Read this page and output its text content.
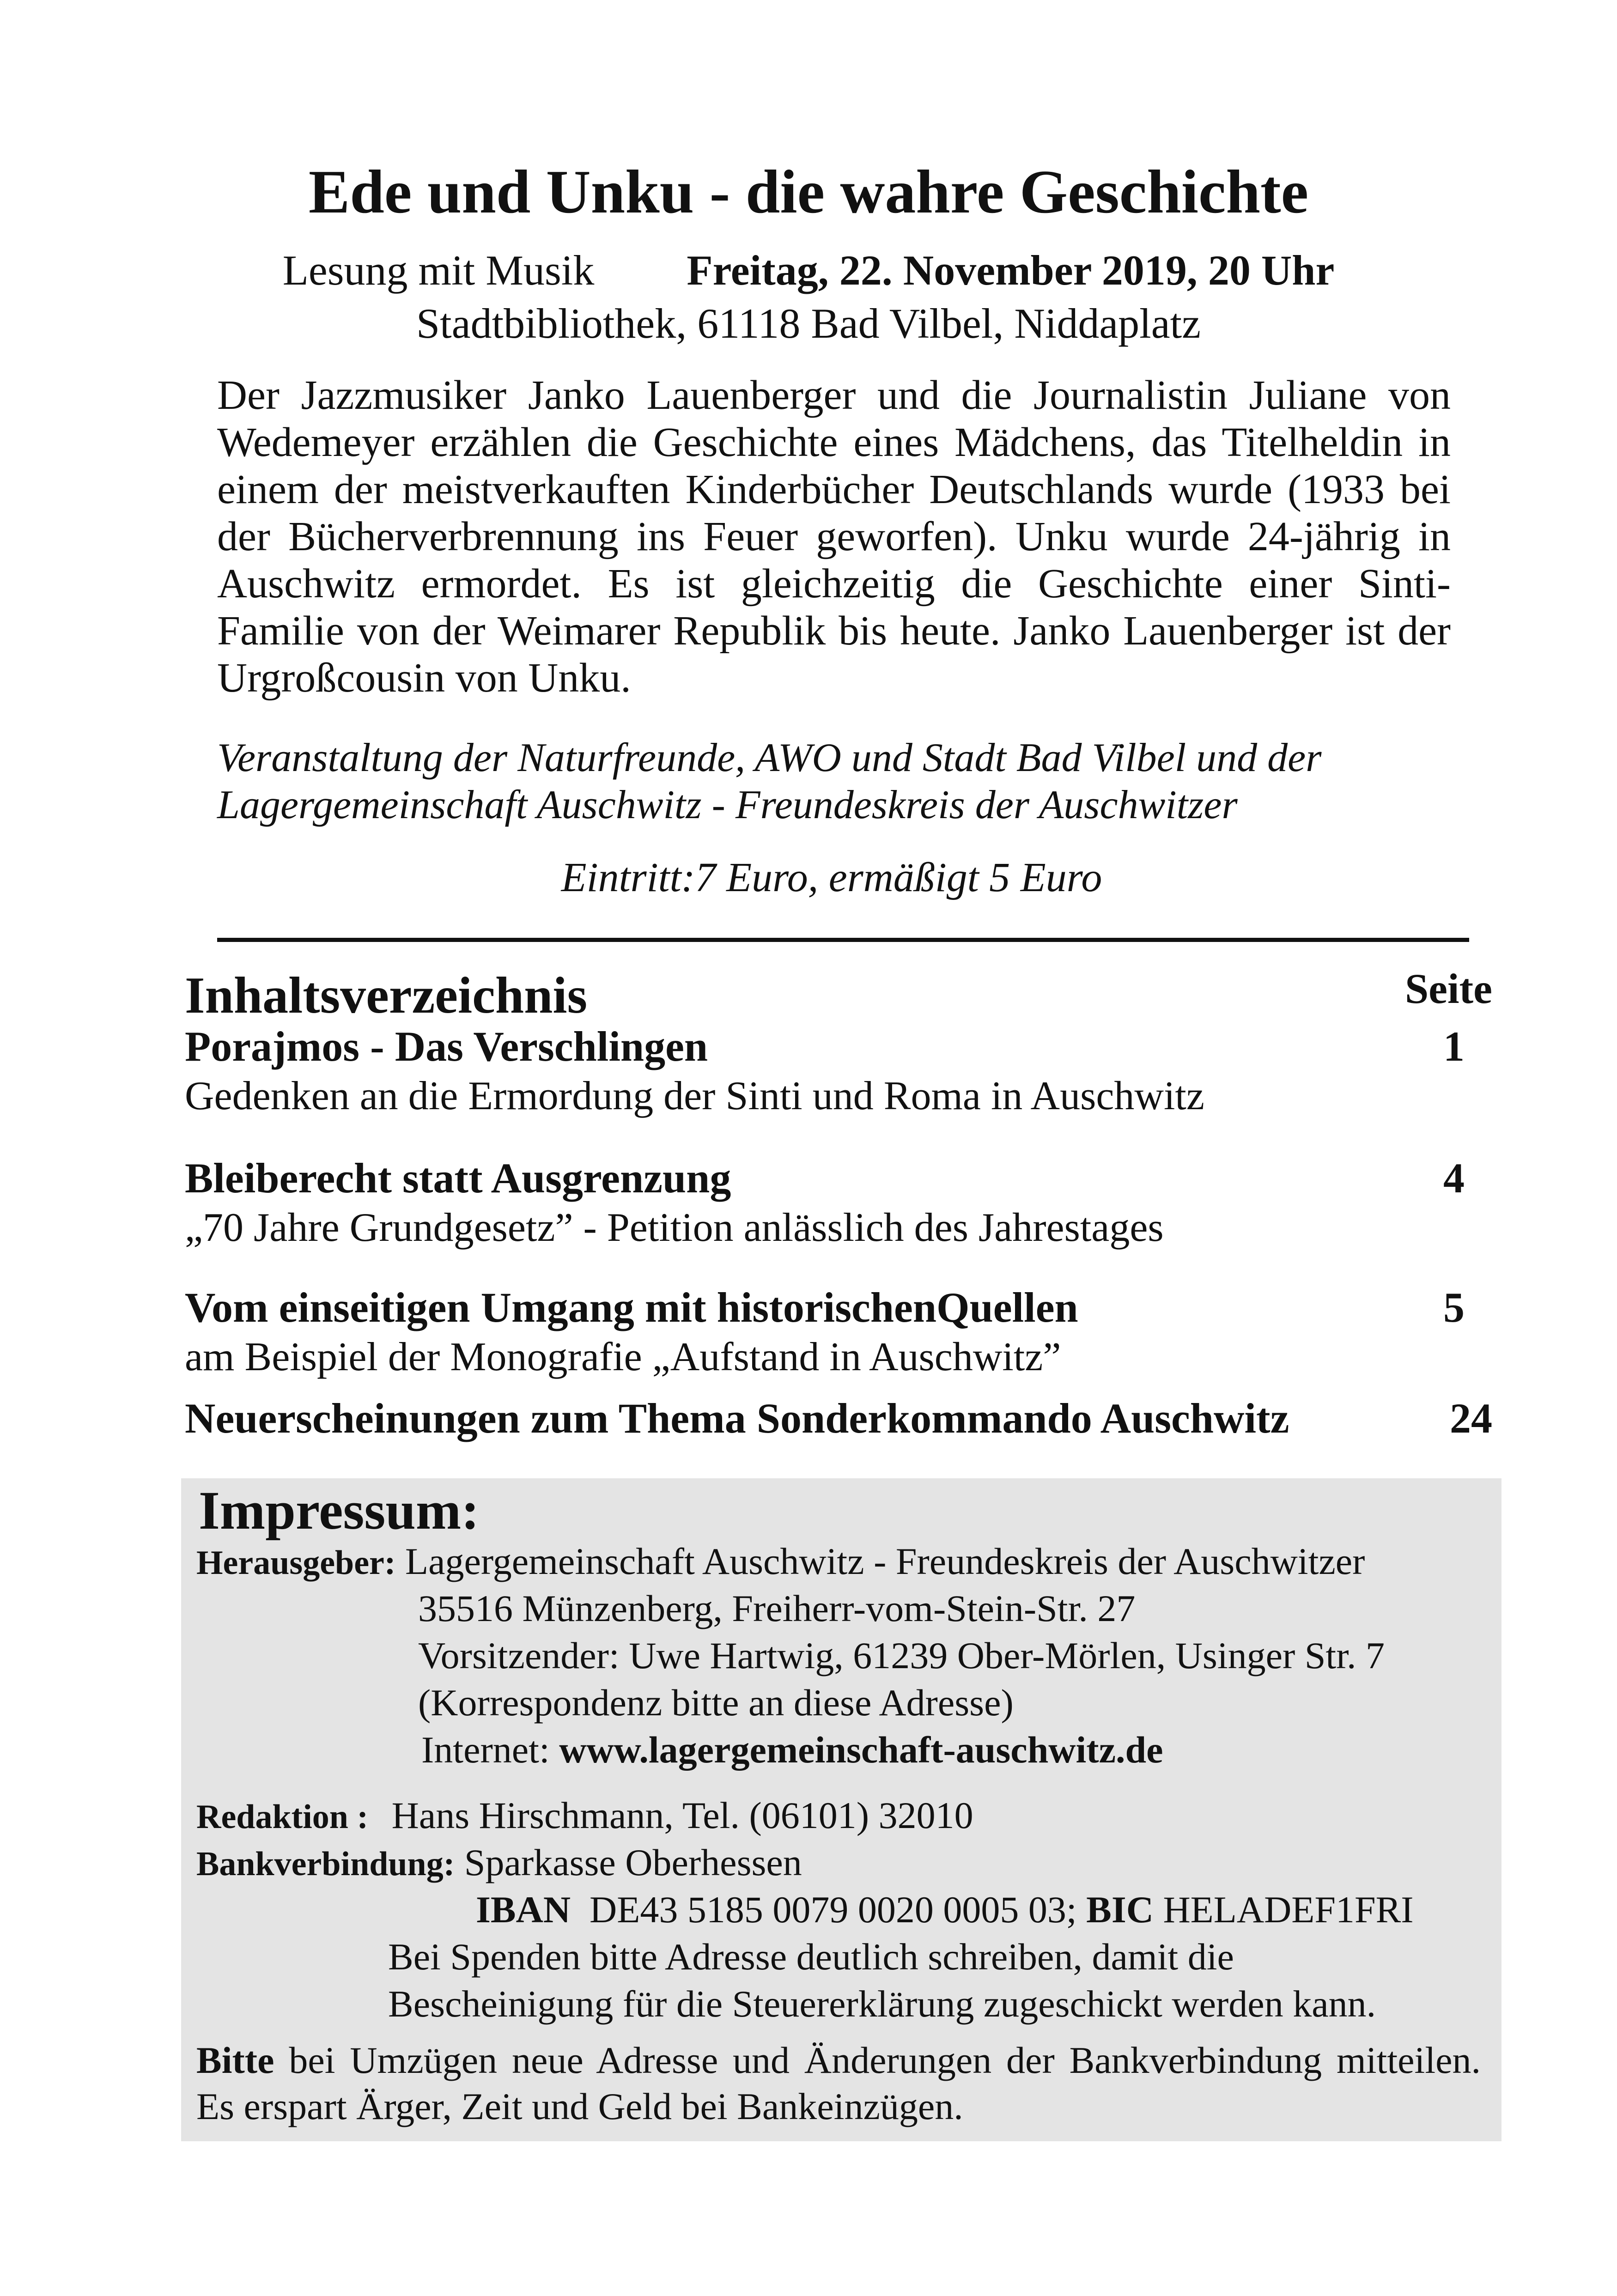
Ede und Unku - die wahre Geschichte
Lesung mit Musik Freitag, 22. November 2019, 20 Uhr
Stadtbibliothek, 61118 Bad Vilbel, Niddaplatz

Der Jazzmusiker Janko Lauenberger und die Journalistin Juliane von Wedemeyer erzählen die Geschichte eines Mädchens, das Titelheldin in einem der meistverkauften Kinderbücher Deutschlands wurde (1933 bei der Bücherverbrennung ins Feuer geworfen). Unku wurde 24-jährig in Auschwitz ermordet. Es ist gleichzeitig die Geschichte einer Sinti-Familie von der Weimarer Republik bis heute. Janko Lauenberger ist der Urgroßcousin von Unku.

Veranstaltung der Naturfreunde, AWO und Stadt Bad Vilbel und der
Lagergemeinschaft Auschwitz - Freundeskreis der Auschwitzer
Eintritt:7 Euro, ermäßigt 5 Euro
Inhaltsverzeichnis	Seite
Porajmos - Das Verschlingen
Gedenken an die Ermordung der Sinti und Roma in Auschwitz
1
Bleiberecht statt Ausgrenzung
„70 Jahre Grundgesetz” - Petition anlässlich des Jahrestages
4
Vom einseitigen Umgang mit historischenQuellen
am Beispiel der Monografie „Aufstand in Auschwitz”
5
Neuerscheinungen zum Thema Sonderkommando Auschwitz	24
Impressum:
Herausgeber: Lagergemeinschaft Auschwitz - Freundeskreis der Auschwitzer
35516 Münzenberg, Freiherr-vom-Stein-Str. 27
Vorsitzender: Uwe Hartwig, 61239 Ober-Mörlen, Usinger Str. 7
(Korrespondenz bitte an diese Adresse)
Internet: www.lagergemeinschaft-auschwitz.de
Redaktion : Hans Hirschmann, Tel. (06101) 32010
Bankverbindung: Sparkasse Oberhessen
IBAN DE43 5185 0079 0020 0005 03; BIC HELADEF1FRI
Bei Spenden bitte Adresse deutlich schreiben, damit die
Bescheinigung für die Steuererklärung zugeschickt werden kann.
Bitte bei Umzügen neue Adresse und Änderungen der Bankverbindung mitteilen. Es erspart Ärger, Zeit und Geld bei Bankeinzügen.
